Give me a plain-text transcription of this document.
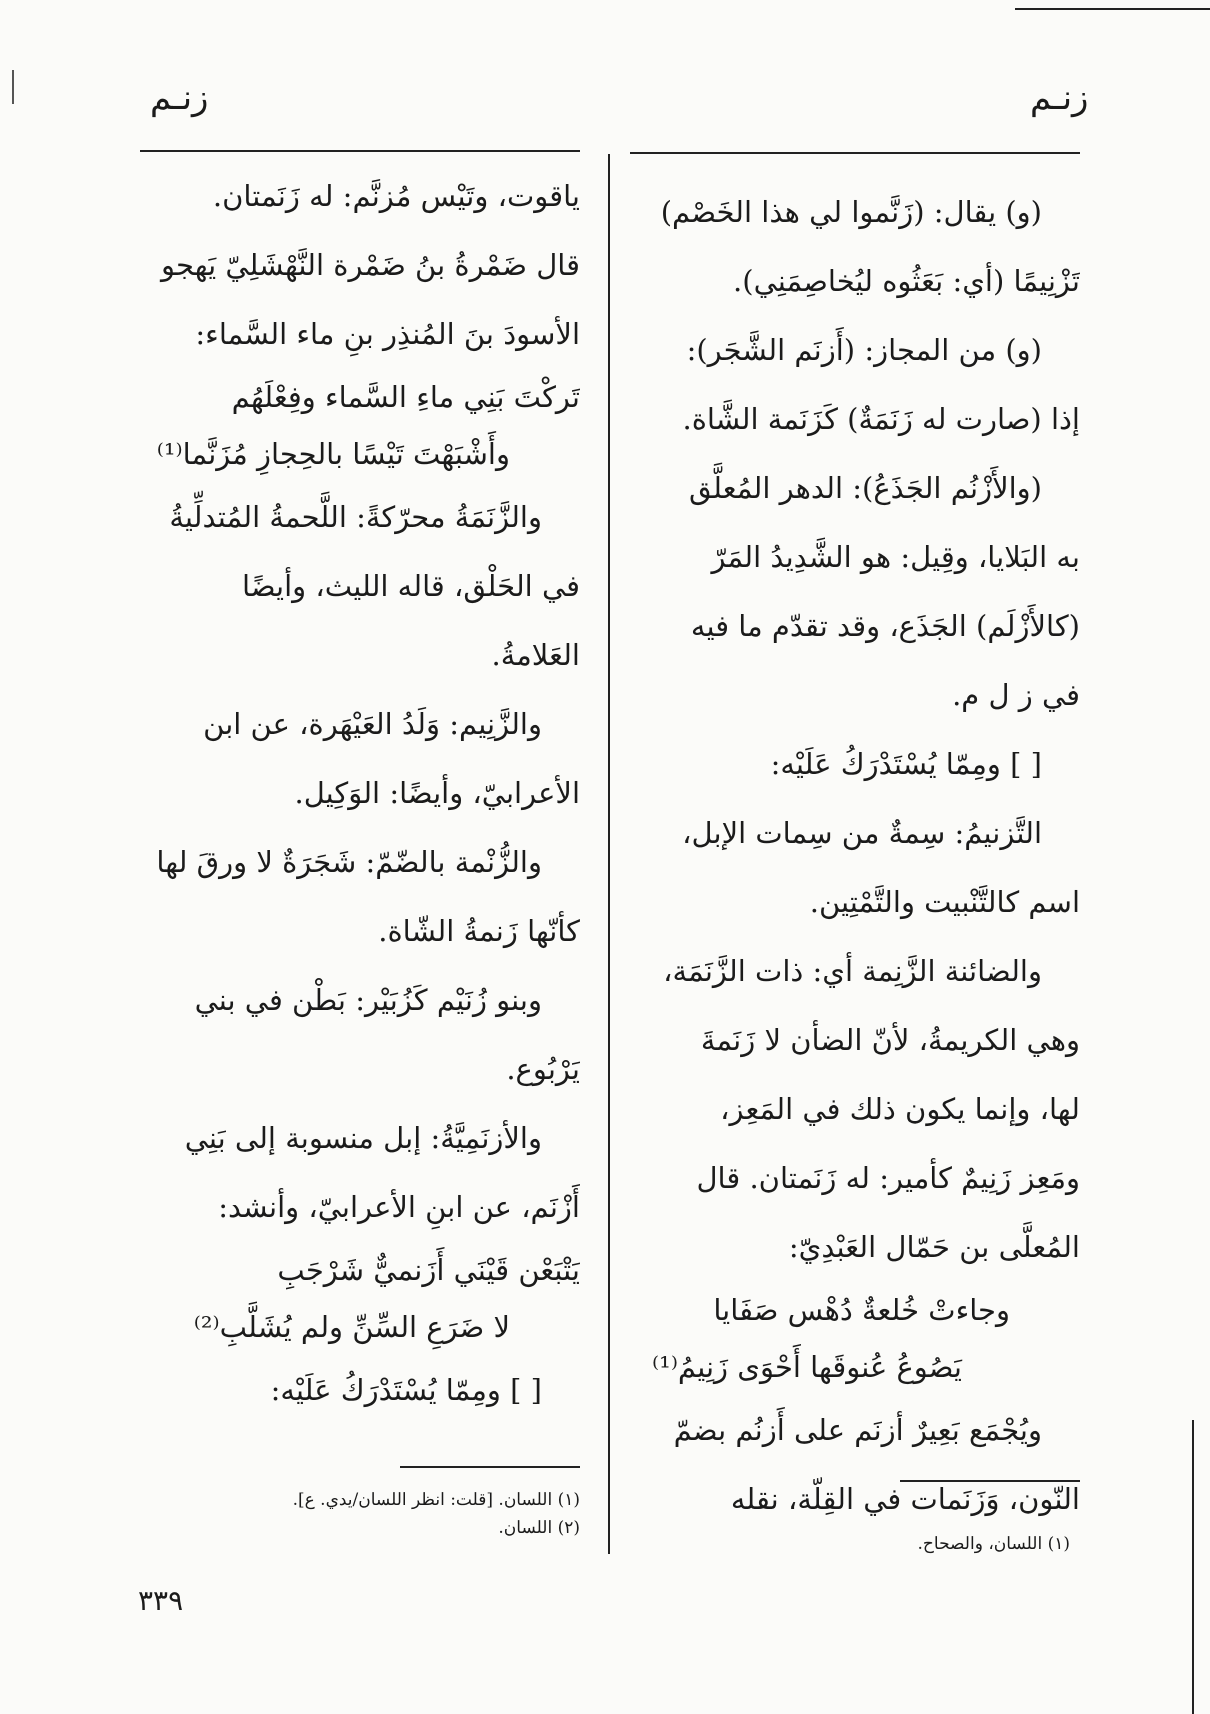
زنـم
زنـم
(و) يقال: (زَنَّموا لي هذا الخَصْم)
تَزْنِيمًا (أي: بَعَثُوه ليُخاصِمَنِي).
(و) من المجاز: (أَزنَم الشَّجَر):
إذا (صارت له زَنَمَةٌ) كَزَنَمة الشَّاة.
(والأَزْنُم الجَذَعُ): الدهر المُعلَّق
به البَلايا، وقِيل: هو الشَّدِيدُ المَرّ
(كالأَزْلَم) الجَذَع، وقد تقدّم ما فيه
في ز ل م.
[ ] ومِمّا يُسْتَدْرَكُ عَلَيْه:
التَّزنيمُ: سِمةٌ من سِمات الإبل،
اسم كالتَّنْبيت والتَّمْتِين.
والضائنة الزَّنِمة أي: ذات الزَّنَمَة،
وهي الكريمةُ، لأنّ الضأن لا زَنَمةَ
لها، وإنما يكون ذلك في المَعِز،
ومَعِز زَنِيمٌ كأمير: له زَنَمتان. قال
المُعلَّى بن حَمّال العَبْدِيّ:
وجاءتْ خُلعةٌ دُهْس صَفَايا
يَصُوعُ عُنوقَها أَحْوَى زَنِيمُ⁽¹⁾
ويُجْمَع بَعِيرٌ أزنَم على أَزنُم بضمّ
النّون، وَزَنَمات في القِلّة، نقله
ياقوت، وتَيْس مُزنَّم: له زَنَمتان.
قال ضَمْرةُ بنُ ضَمْرة النَّهْشَلِيّ يَهجو
الأسودَ بنَ المُنذِر بنِ ماء السَّماء:
تَركْتَ بَنِي ماءِ السَّماء وفِعْلَهُم
وأَشْبَهْتَ تَيْسًا بالحِجازِ مُزَنَّما⁽¹⁾
والزَّنَمَةُ محرّكةً: اللَّحمةُ المُتدلِّيةُ
في الحَلْق، قاله الليث، وأيضًا
العَلامةُ.
والزَّنِيم: وَلَدُ العَيْهَرة، عن ابن
الأعرابيّ، وأيضًا: الوَكِيل.
والزُّنْمة بالضّمّ: شَجَرَةٌ لا ورقَ لها
كأنّها زَنمةُ الشّاة.
وبنو زُنَيْم كَزُبَيْر: بَطْن في بني
يَرْبُوع.
والأزنَمِيَّةُ: إبل منسوبة إلى بَنِي
أَزْنَم، عن ابنِ الأعرابيّ، وأنشد:
يَتْبَعْن قَيْنَي أَزَنميٌّ شَرْجَبِ
لا ضَرَعِ السِّنِّ ولم يُشَلَّبِ⁽²⁾
[ ] ومِمّا يُسْتَدْرَكُ عَلَيْه:
(١) اللسان، والصحاح.
(١) اللسان. [قلت: انظر اللسان/يدي. ع].
(٢) اللسان.
٣٣٩
